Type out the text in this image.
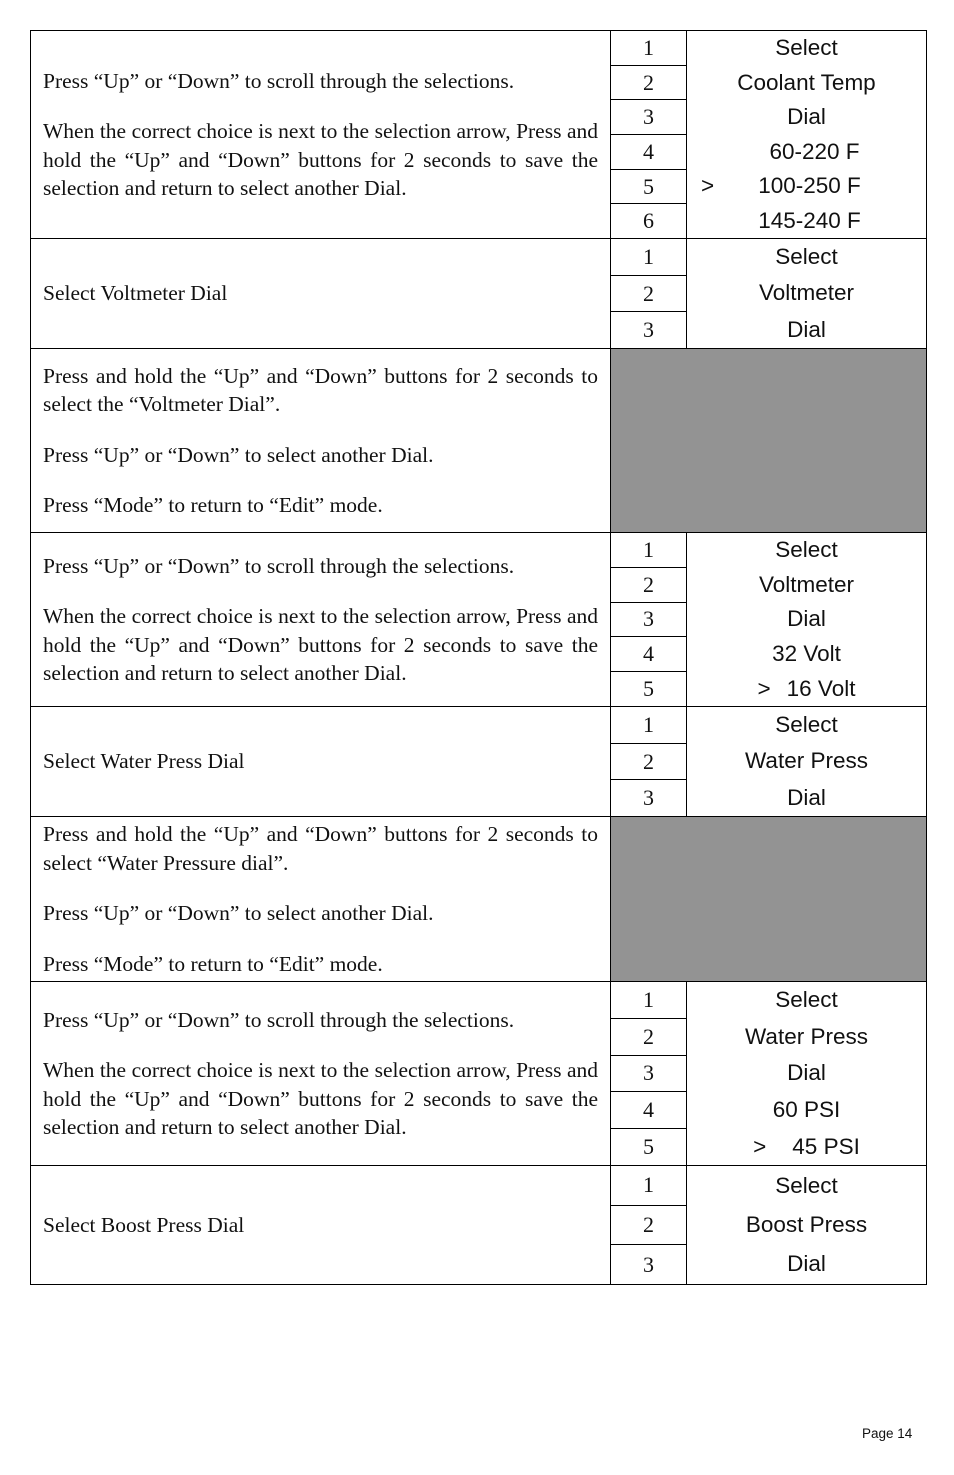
Press “Up” or “Down” to scroll through the selections.

When the correct choice is next to the selection arrow, Press and hold the “Up” and “Down” buttons for 2 seconds to save the selection and return to select another Dial.

1
2
3
4
5
6
Select
Coolant Temp
Dial
60-220 F
> 100-250 F
145-240 F

Select Voltmeter Dial

1
2
3
Select
Voltmeter
Dial

Press and hold the “Up” and “Down” buttons for 2 seconds to select the “Voltmeter Dial”.

Press “Up” or “Down” to select another Dial.

Press “Mode” to return to “Edit” mode.

Press “Up” or “Down” to scroll through the selections.

When the correct choice is next to the selection arrow, Press and hold the “Up” and “Down” buttons for 2 seconds to save the selection and return to select another Dial.

1
2
3
4
5
Select
Voltmeter
Dial
32 Volt
> 16 Volt

Select Water Press Dial

1
2
3
Select
Water Press
Dial

Press and hold the “Up” and “Down” buttons for 2 seconds to select “Water Pressure dial”.

Press “Up” or “Down” to select another Dial.

Press “Mode” to return to “Edit” mode.

Press “Up” or “Down” to scroll through the selections.

When the correct choice is next to the selection arrow, Press and hold the “Up” and “Down” buttons for 2 seconds to save the selection and return to select another Dial.

1
2
3
4
5
Select
Water Press
Dial
60 PSI
> 45 PSI

Select Boost Press Dial

1
2
3
Select
Boost Press
Dial
Page 14
